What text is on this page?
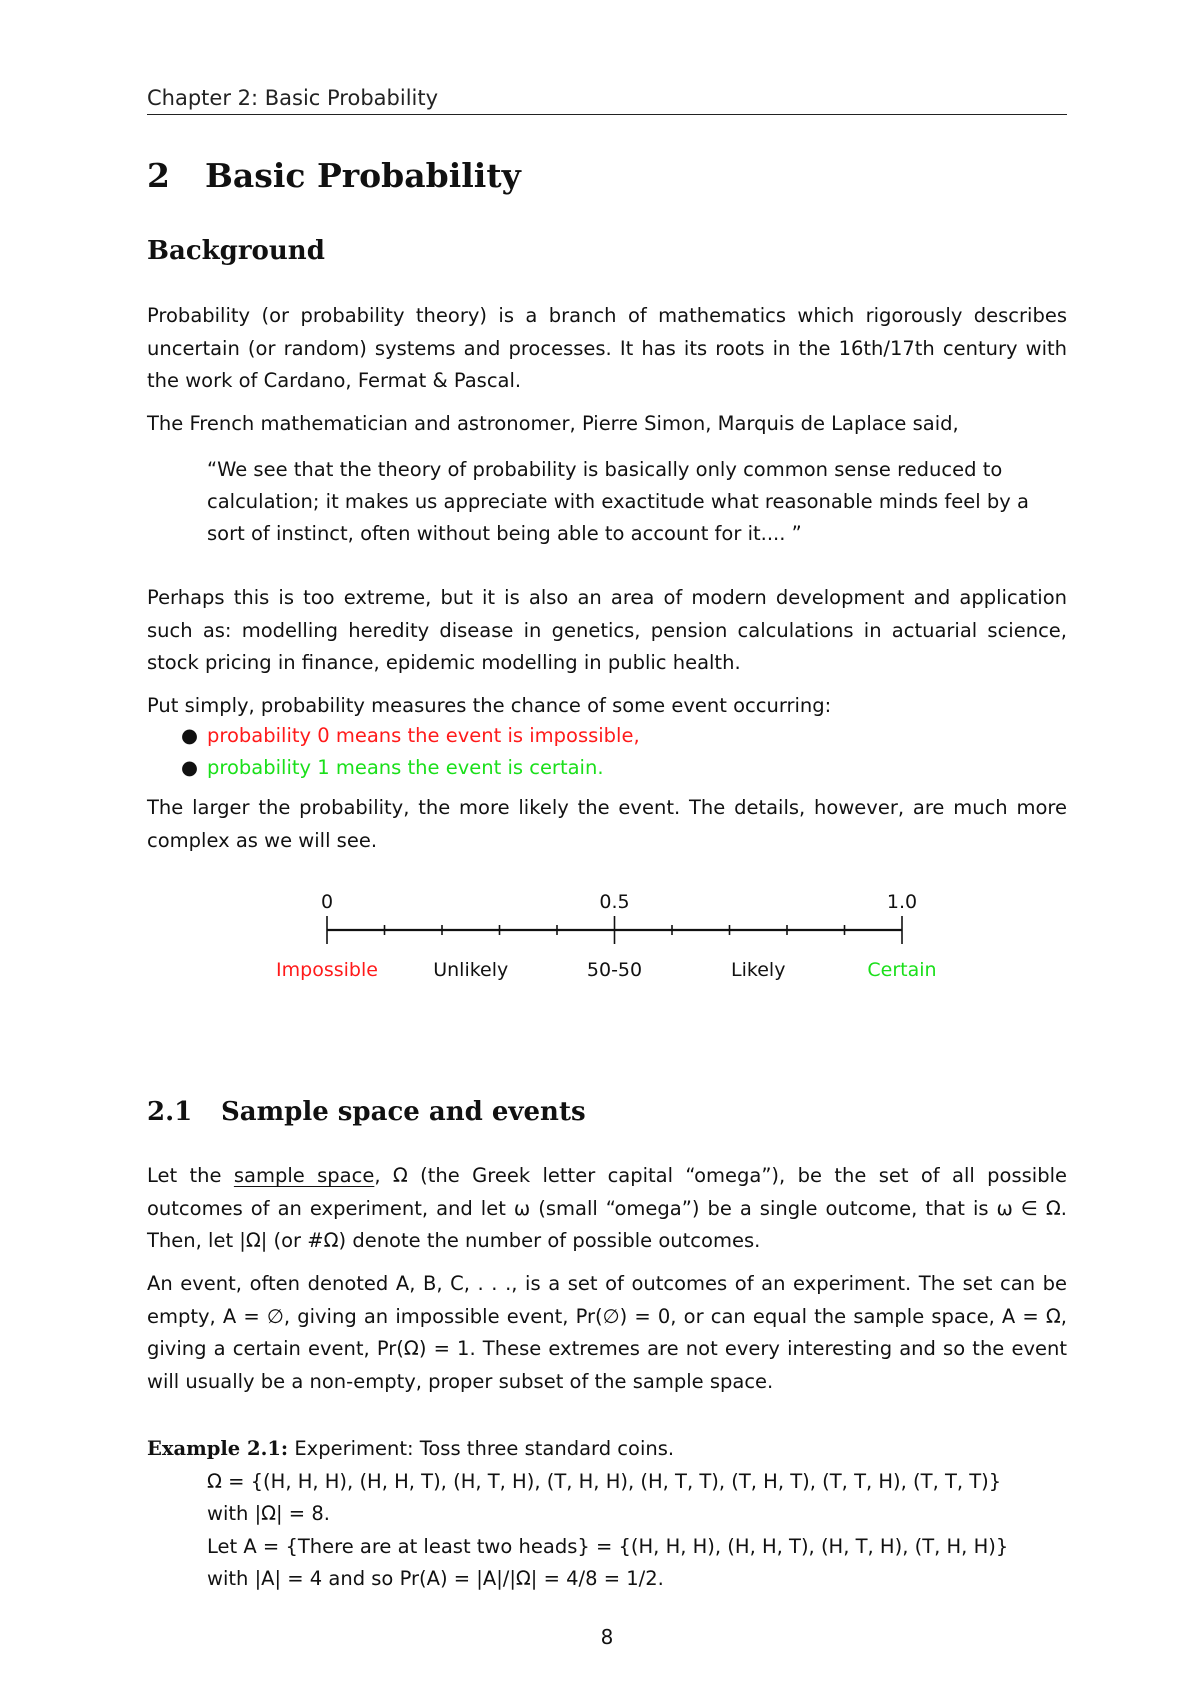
Chapter 2: Basic Probability
2 Basic Probability
Background
Probability (or probability theory) is a branch of mathematics which rigorously describes uncertain (or random) systems and processes. It has its roots in the 16th/17th century with the work of Cardano, Fermat & Pascal.
The French mathematician and astronomer, Pierre Simon, Marquis de Laplace said,
“We see that the theory of probability is basically only common sense reduced to calculation; it makes us appreciate with exactitude what reasonable minds feel by a sort of instinct, often without being able to account for it.... ”
Perhaps this is too extreme, but it is also an area of modern development and application such as: modelling heredity disease in genetics, pension calculations in actuarial science, stock pricing in finance, epidemic modelling in public health.
Put simply, probability measures the chance of some event occurring:
● probability 0 means the event is impossible,
● probability 1 means the event is certain.
The larger the probability, the more likely the event. The details, however, are much more complex as we will see.
0	0.5	1.0
Impossible	Unlikely	50-50	Likely	Certain
2.1 Sample space and events
Let the sample space, Ω (the Greek letter capital “omega”), be the set of all possible outcomes of an experiment, and let ω (small “omega”) be a single outcome, that is ω ∈ Ω. Then, let |Ω| (or #Ω) denote the number of possible outcomes.
An event, often denoted A, B, C, . . ., is a set of outcomes of an experiment. The set can be empty, A = ∅, giving an impossible event, Pr(∅) = 0, or can equal the sample space, A = Ω, giving a certain event, Pr(Ω) = 1. These extremes are not every interesting and so the event will usually be a non-empty, proper subset of the sample space.
Example 2.1: Experiment: Toss three standard coins.
Ω = {(H, H, H), (H, H, T), (H, T, H), (T, H, H), (H, T, T), (T, H, T), (T, T, H), (T, T, T)}
with |Ω| = 8.
Let A = {There are at least two heads} = {(H, H, H), (H, H, T), (H, T, H), (T, H, H)}
with |A| = 4 and so Pr(A) = |A|/|Ω| = 4/8 = 1/2.
8
